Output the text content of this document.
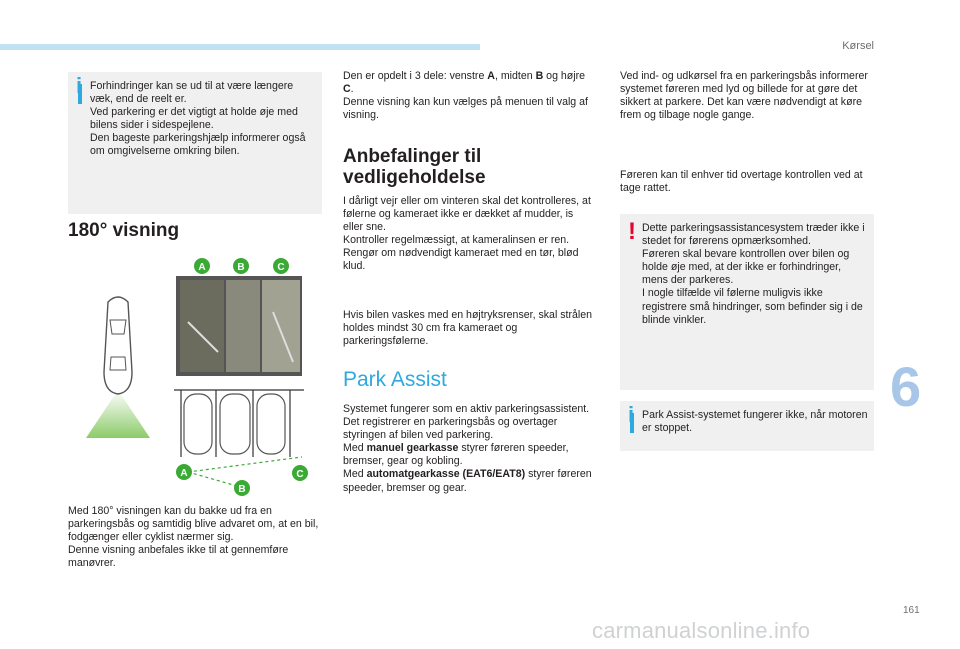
Kørsel
i Forhindringer kan se ud til at være længere væk, end de reelt er.
Ved parkering er det vigtigt at holde øje med bilens sider i sidespejlene.
Den bageste parkeringshjælp informerer også om omgivelserne omkring bilen.

180° visning
A	B	C
A
B
C

Med 180° visningen kan du bakke ud fra en parkeringsbås og samtidig blive advaret om, at en bil, fodgænger eller cyklist nærmer sig.
Denne visning anbefales ikke til at gennemføre manøvrer.

Den er opdelt i 3 dele: venstre A, midten B og højre C.
Denne visning kan kun vælges på menuen til valg af visning.

Anbefalinger til vedligeholdelse

I dårligt vejr eller om vinteren skal det kontrolleres, at følerne og kameraet ikke er dækket af mudder, is eller sne.
Kontroller regelmæssigt, at kameralinsen er ren.
Rengør om nødvendigt kameraet med en tør, blød klud.

Hvis bilen vaskes med en højtryksrenser, skal strålen holdes mindst 30 cm fra kameraet og parkeringsfølerne.

Park Assist

Systemet fungerer som en aktiv parkeringsassistent. Det registrerer en parkeringsbås og overtager styringen af bilen ved parkering.
Med manuel gearkasse styrer føreren speeder, bremser, gear og kobling.
Med automatgearkasse (EAT6/EAT8) styrer føreren speeder, bremser og gear.

Ved ind- og udkørsel fra en parkeringsbås informerer systemet føreren med lyd og billede for at gøre det sikkert at parkere. Det kan være nødvendigt at køre frem og tilbage nogle gange.

Føreren kan til enhver tid overtage kontrollen ved at tage rattet.

! Dette parkeringsassistancesystem træder ikke i stedet for førerens opmærksomhed.
Føreren skal bevare kontrollen over bilen og holde øje med, at der ikke er forhindringer, mens der parkeres.
I nogle tilfælde vil følerne muligvis ikke registrere små hindringer, som befinder sig i de blinde vinkler.

i Park Assist-systemet fungerer ikke, når motoren er stoppet.

6
161
carmanualsonline.info
